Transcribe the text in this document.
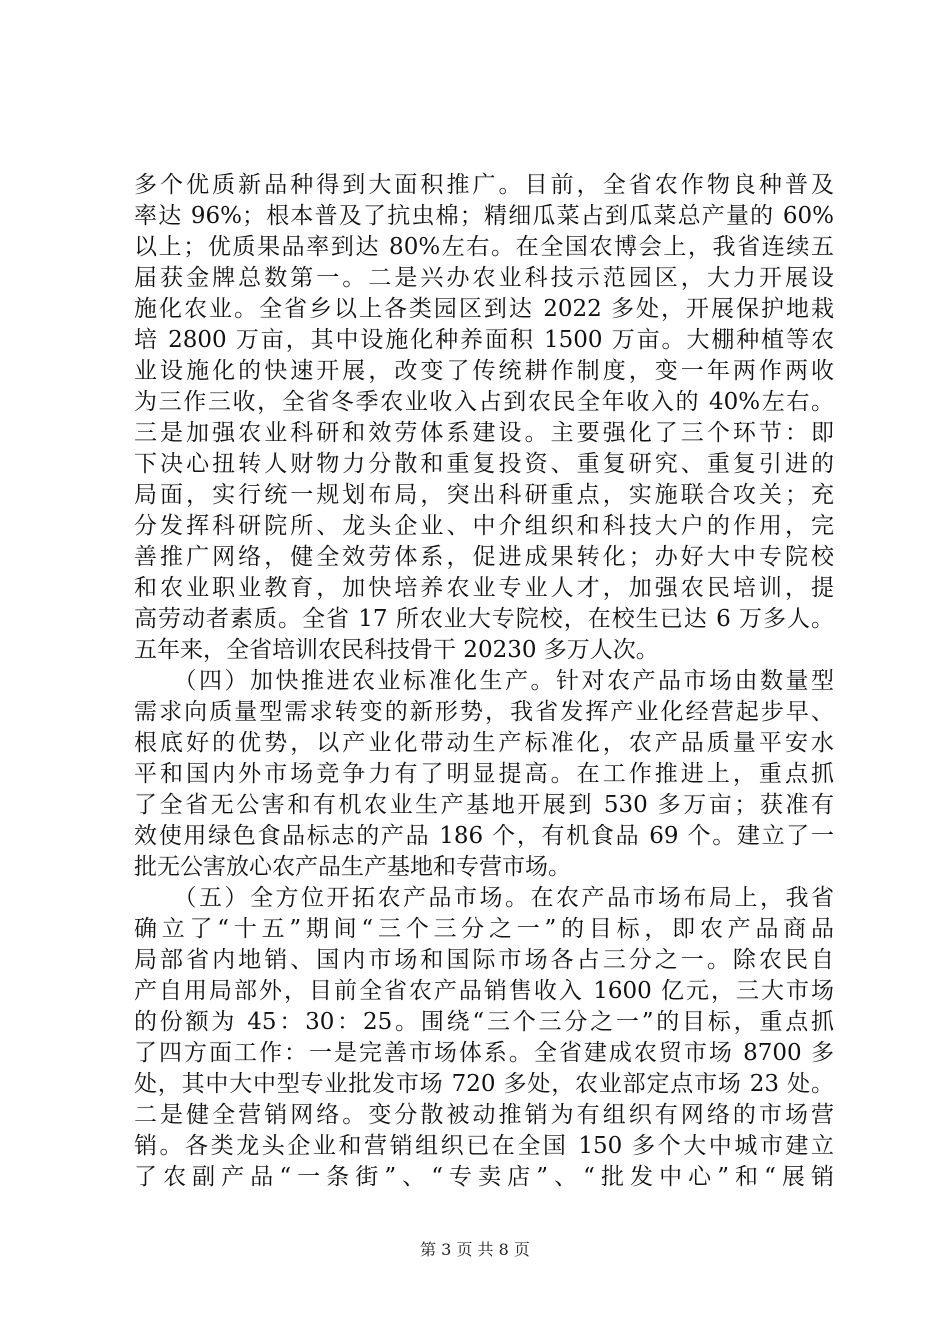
多个优质新品种得到大面积推广。目前，全省农作物良种普及
率达 96%；根本普及了抗虫棉；精细瓜菜占到瓜菜总产量的 60%
以上；优质果品率到达 80%左右。在全国农博会上，我省连续五
届获金牌总数第一。二是兴办农业科技示范园区，大力开展设
施化农业。全省乡以上各类园区到达 2022 多处，开展保护地栽
培 2800 万亩，其中设施化种养面积 1500 万亩。大棚种植等农
业设施化的快速开展，改变了传统耕作制度，变一年两作两收
为三作三收，全省冬季农业收入占到农民全年收入的 40%左右。
三是加强农业科研和效劳体系建设。主要强化了三个环节：即
下决心扭转人财物力分散和重复投资、重复研究、重复引进的
局面，实行统一规划布局，突出科研重点，实施联合攻关；充
分发挥科研院所、龙头企业、中介组织和科技大户的作用，完
善推广网络，健全效劳体系，促进成果转化；办好大中专院校
和农业职业教育，加快培养农业专业人才，加强农民培训，提
高劳动者素质。全省 17 所农业大专院校，在校生已达 6 万多人。
五年来，全省培训农民科技骨干 20230 多万人次。
　　（四）加快推进农业标准化生产。针对农产品市场由数量型
需求向质量型需求转变的新形势，我省发挥产业化经营起步早、
根底好的优势，以产业化带动生产标准化，农产品质量平安水
平和国内外市场竞争力有了明显提高。在工作推进上，重点抓
了全省无公害和有机农业生产基地开展到 530 多万亩；获准有
效使用绿色食品标志的产品 186 个，有机食品 69 个。建立了一
批无公害放心农产品生产基地和专营市场。
　　（五）全方位开拓农产品市场。在农产品市场布局上，我省
确立了“十五”期间“三个三分之一”的目标，即农产品商品
局部省内地销、国内市场和国际市场各占三分之一。除农民自
产自用局部外，目前全省农产品销售收入 1600 亿元，三大市场
的份额为 45：30：25。围绕“三个三分之一”的目标，重点抓
了四方面工作：一是完善市场体系。全省建成农贸市场 8700 多
处，其中大中型专业批发市场 720 多处，农业部定点市场 23 处。
二是健全营销网络。变分散被动推销为有组织有网络的市场营
销。各类龙头企业和营销组织已在全国 150 多个大中城市建立
了农副产品“一条街”、“专卖店”、“批发中心”和“展销
第 3 页 共 8 页
